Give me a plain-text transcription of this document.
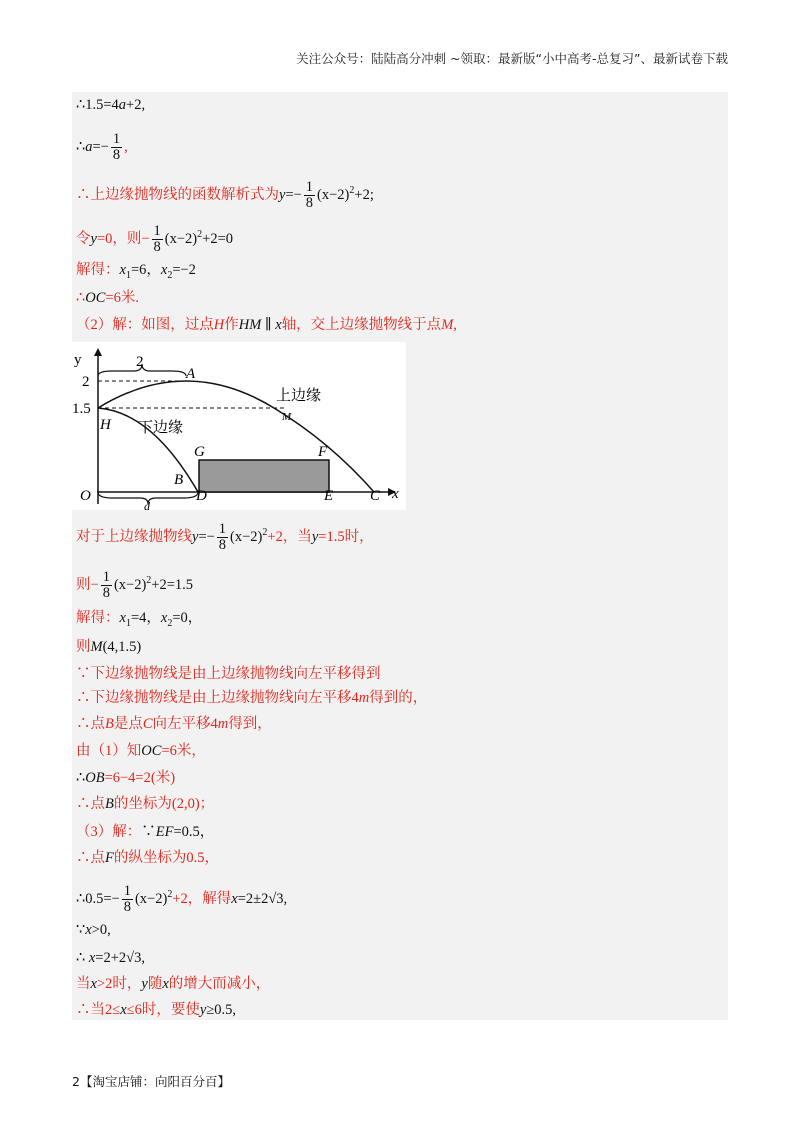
关注公众号：陆陆高分冲刺 ~领取：最新版“小中高考-总复习”、最新试卷下载
∴1.5=4a+2,
∴a=− $\frac{1}{8}$ ,
∴上边缘抛物线的函数解析式为$y=- \frac{1}{8} (x-2)^2+2$;
令y=0，则− $\frac{1}{8} (x-2)^2+2=0$
解得：$x_1=6$，$x_2=-2$
∴OC=6米.
（2）解：如图，过点H作HM ∥ x轴，交上边缘抛物线于点M,
y	2
2
1.5
A
H	M
上边缘
下边缘
G	F
B
O	D	E C x
d
对于上边缘抛物线$y=- \frac{1}{8} (x-2)^2+2$，当y=1.5时，
则− $\frac{1}{8} (x-2)^2+2=1.5$
解得：$x_1=4$，$x_2=0$，
则M(4,1.5)
∵下边缘抛物线是由上边缘抛物线向左平移得到
∴下边缘抛物线是由上边缘抛物线向左平移4m得到的，
∴点B是点C向左平移4m得到，
由（1）知OC=6米，
∴OB=6−4=2(米)
∴点B的坐标为(2,0)；
（3）解：∵EF=0.5，
∴点F的纵坐标为0.5，
∴0.5=− $\frac{1}{8} (x-2)^2+2$，解得x=2±2√3,
∵x>0,
∴ x=2+2√3,
当x>2时，y随x的增大而减小，
∴当2≤x≤6时，要使y≥0.5,
2【淘宝店铺：向阳百分百】
